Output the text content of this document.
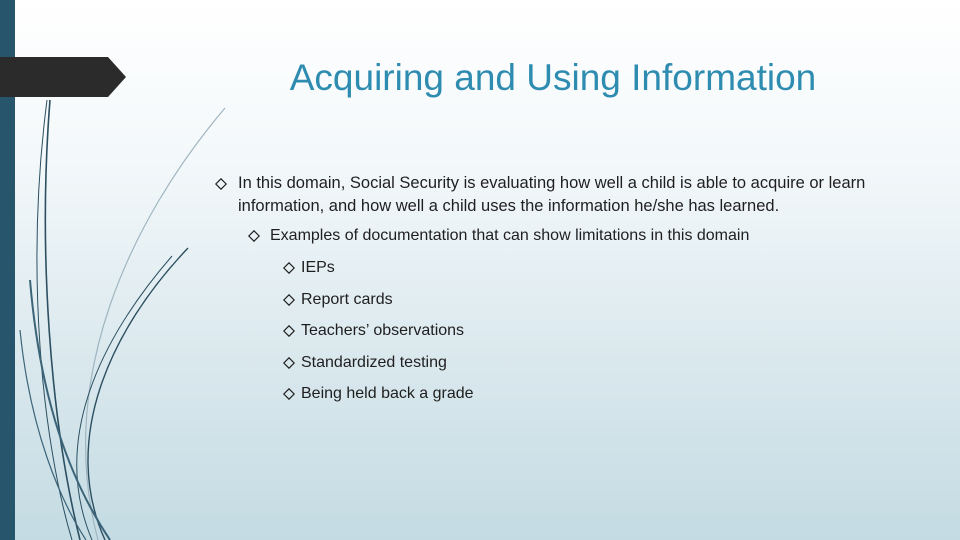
Acquiring and Using Information
In this domain, Social Security is evaluating how well a child is able to acquire or learn information, and how well a child uses the information he/she has learned.
Examples of documentation that can show limitations in this domain
IEPs
Report cards
Teachers’ observations
Standardized testing
Being held back a grade
